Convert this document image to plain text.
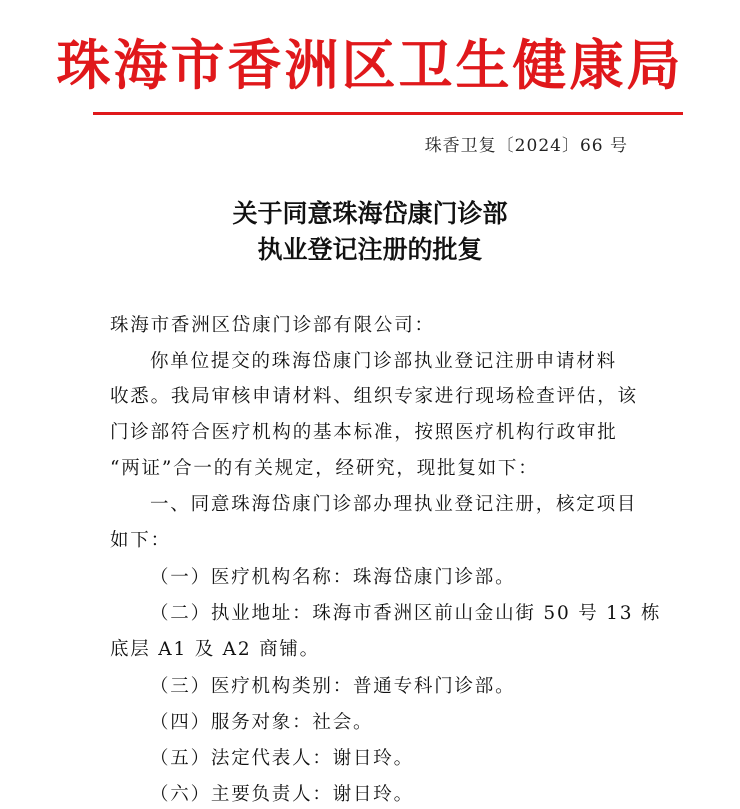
珠海市香洲区卫生健康局
珠香卫复〔2024〕66 号
关于同意珠海岱康门诊部
执业登记注册的批复
珠海市香洲区岱康门诊部有限公司：
你单位提交的珠海岱康门诊部执业登记注册申请材料
收悉。我局审核申请材料、组织专家进行现场检查评估，该
门诊部符合医疗机构的基本标准，按照医疗机构行政审批
“两证”合一的有关规定，经研究，现批复如下：
一、同意珠海岱康门诊部办理执业登记注册，核定项目
如下：
（一）医疗机构名称：珠海岱康门诊部。
（二）执业地址：珠海市香洲区前山金山街 50 号 13 栋
底层 A1 及 A2 商铺。
（三）医疗机构类别：普通专科门诊部。
（四）服务对象：社会。
（五）法定代表人：谢日玲。
（六）主要负责人：谢日玲。
